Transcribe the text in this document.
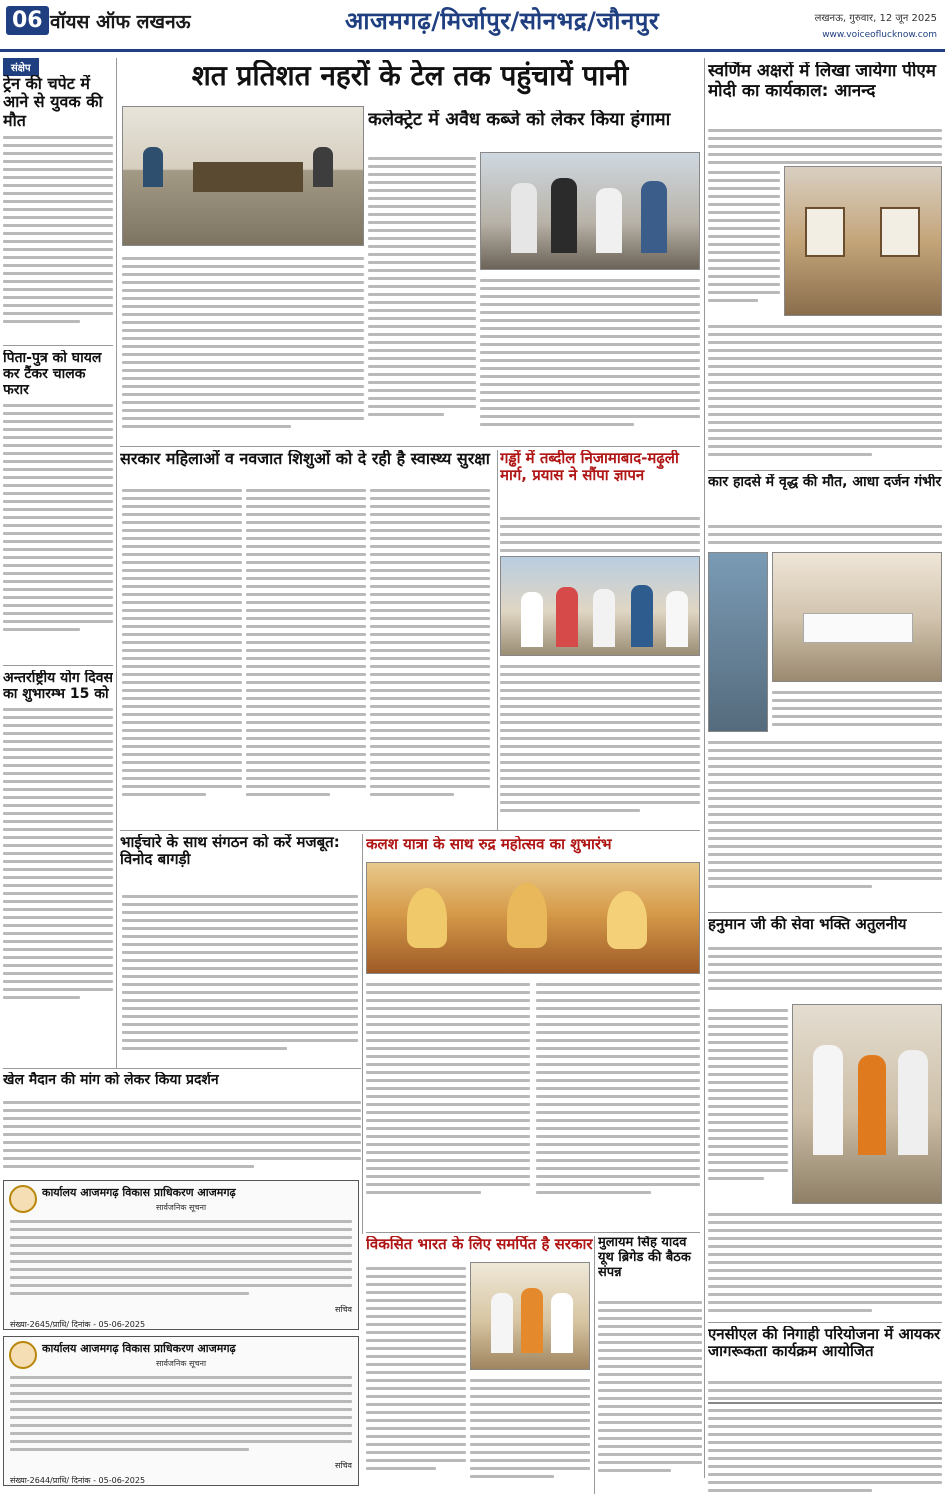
06 वॉयस ऑफ लखनऊ	आजमगढ़/मिर्जापुर/सोनभद्र/जौनपुर	लखनऊ, गुरुवार, 12 जून 2025
www.voiceoflucknow.com
संक्षेप
ट्रेन की चपेट में आने से युवक की मौत
पिता-पुत्र को घायल कर टैंकर चालक फरार
अन्तर्राष्ट्रीय योग दिवस का शुभारम्भ 15 को
शत प्रतिशत नहरों के टेल तक पहुंचायें पानी
कलेक्ट्रेट में अवैध कब्जे को लेकर किया हंगामा
स्वर्णिम अक्षरों में लिखा जायेगा पीएम मोदी का कार्यकाल: आनन्द
कार हादसे में वृद्ध की मौत, आधा दर्जन गंभीर
हनुमान जी की सेवा भक्ति अतुलनीय
एनसीएल की निगाही परियोजना में आयकर जागरूकता कार्यक्रम आयोजित
सरकार महिलाओं व नवजात शिशुओं को दे रही है स्वास्थ्य सुरक्षा गड्ढों में तब्दील निजामाबाद-मढ़ुली मार्ग, प्रयास ने सौंपा ज्ञापन
भाईचारे के साथ संगठन को करें मजबूत: विनोद बागड़ी
कलश यात्रा के साथ रुद्र महोत्सव का शुभारंभ
खेल मैदान की मांग को लेकर किया प्रदर्शन
कार्यालय आजमगढ़ विकास प्राधिकरण आजमगढ़
सार्वजनिक सूचना
सचिव
संख्या-2645/प्राधि/ दिनांक - 05-06-2025
कार्यालय आजमगढ़ विकास प्राधिकरण आजमगढ़
सार्वजनिक सूचना
सचिव
संख्या-2644/प्राधि/ दिनांक - 05-06-2025
विकसित भारत के लिए समर्पित है सरकार मुलायम सिंह यादव यूथ ब्रिगेड की बैठक संपन्न
